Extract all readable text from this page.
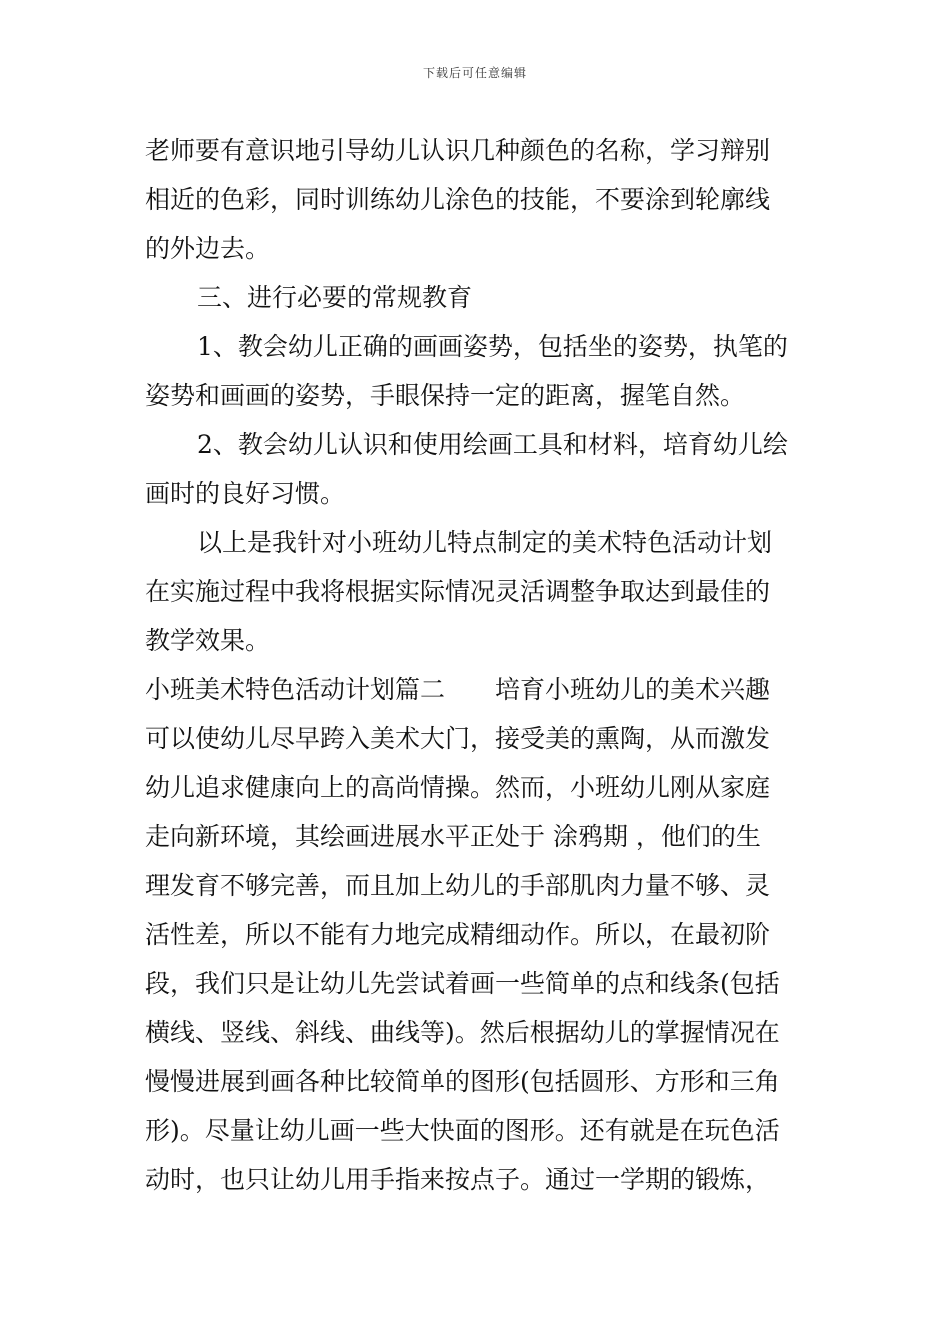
下载后可任意编辑
老师要有意识地引导幼儿认识几种颜色的名称，学习辩别
相近的色彩，同时训练幼儿涂色的技能，不要涂到轮廓线
的外边去。
三、进行必要的常规教育
1、教会幼儿正确的画画姿势，包括坐的姿势，执笔的
姿势和画画的姿势，手眼保持一定的距离，握笔自然。
2、教会幼儿认识和使用绘画工具和材料，培育幼儿绘
画时的良好习惯。
以上是我针对小班幼儿特点制定的美术特色活动计划
在实施过程中我将根据实际情况灵活调整争取达到最佳的
教学效果。
小班美术特色活动计划篇二　　培育小班幼儿的美术兴趣
可以使幼儿尽早跨入美术大门，接受美的熏陶，从而激发
幼儿追求健康向上的高尚情操。然而，小班幼儿刚从家庭
走向新环境，其绘画进展水平正处于 涂鸦期 ，他们的生
理发育不够完善，而且加上幼儿的手部肌肉力量不够、灵
活性差，所以不能有力地完成精细动作。所以，在最初阶
段，我们只是让幼儿先尝试着画一些简单的点和线条(包括
横线、竖线、斜线、曲线等)。然后根据幼儿的掌握情况在
慢慢进展到画各种比较简单的图形(包括圆形、方形和三角
形)。尽量让幼儿画一些大快面的图形。还有就是在玩色活
动时，也只让幼儿用手指来按点子。通过一学期的锻炼，
